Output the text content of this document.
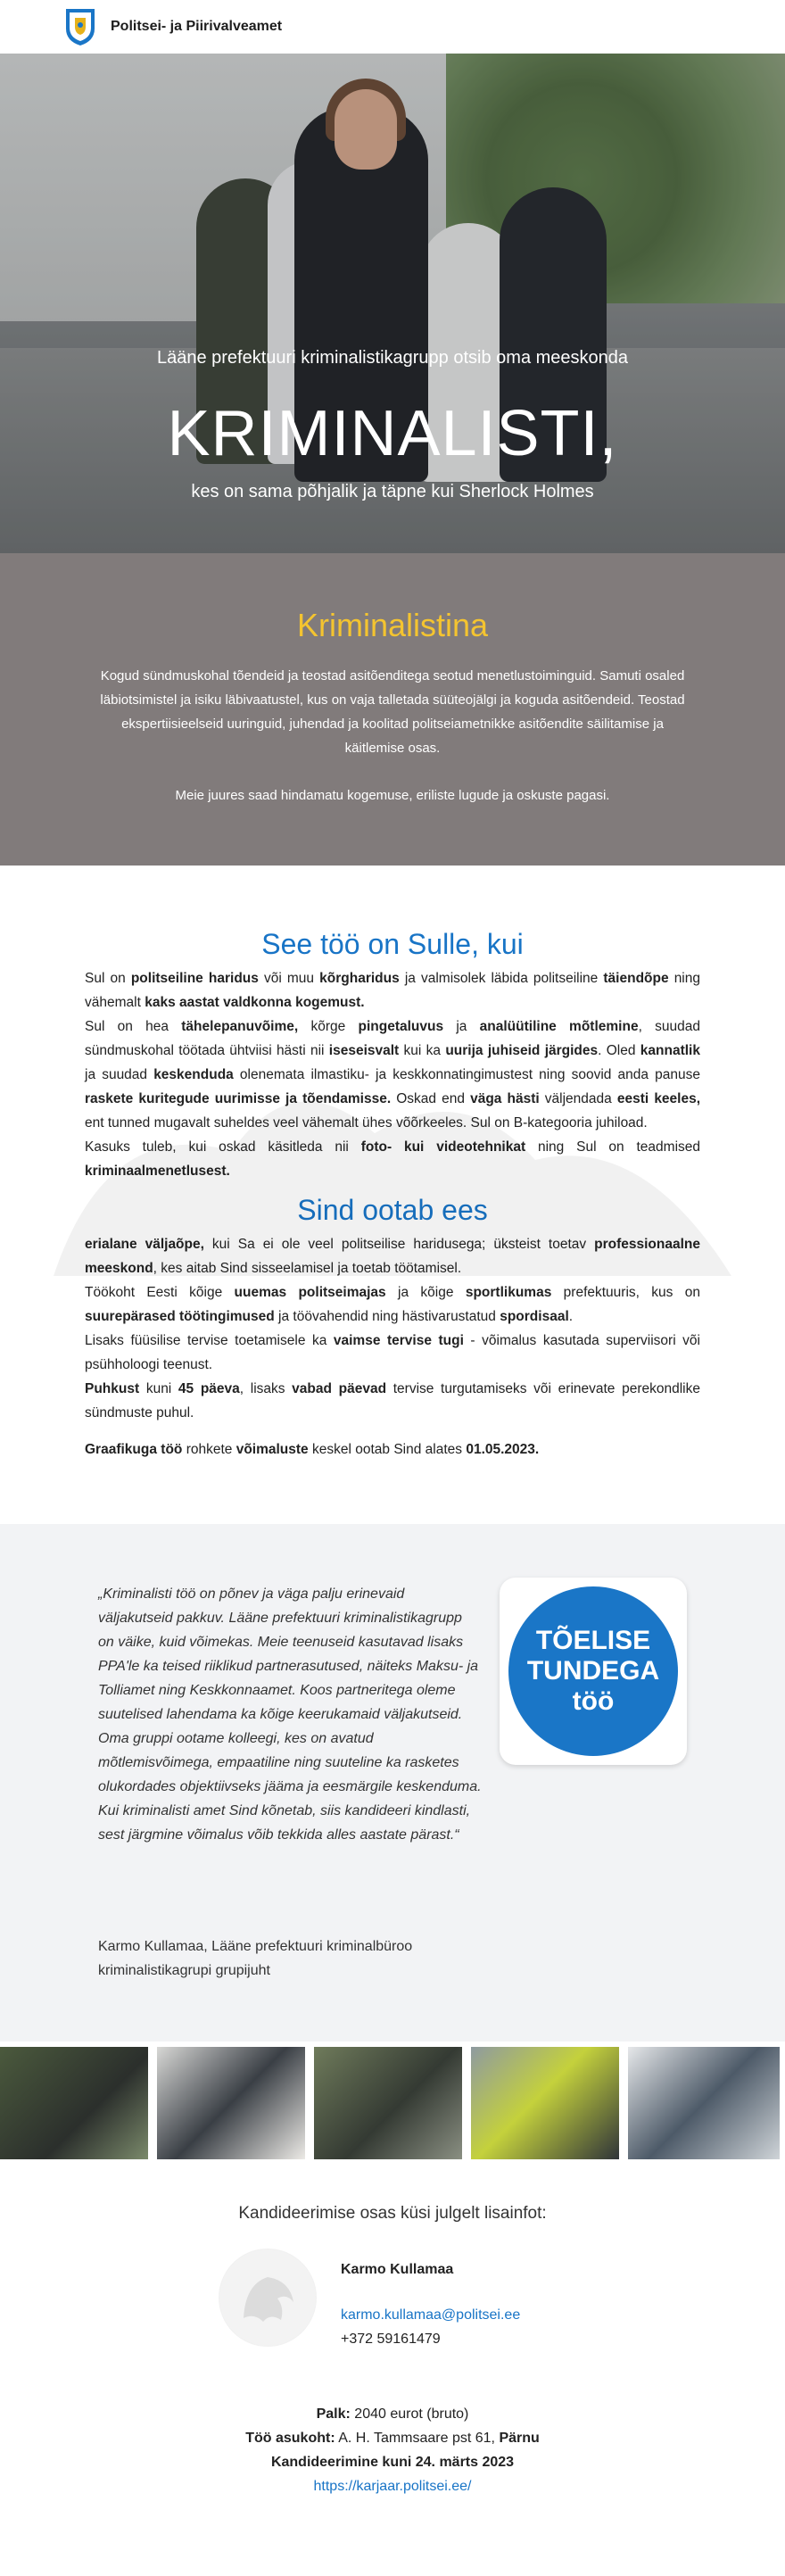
Politsei- ja Piirivalveamet
Lääne prefektuuri kriminalistikagrupp otsib oma meeskonda
KRIMINALISTI,
kes on sama põhjalik ja täpne kui Sherlock Holmes
Kriminalistina

Kogud sündmuskohal tõendeid ja teostad asitõenditega seotud menetlustoiminguid. Samuti osaled läbiotsimistel ja isiku läbivaatustel, kus on vaja talletada süüteojälgi ja koguda asitõendeid. Teostad ekspertiisieelseid uuringuid, juhendad ja koolitad politseiametnikke asitõendite säilitamise ja käitlemise osas.

Meie juures saad hindamatu kogemuse, eriliste lugude ja oskuste pagasi.

See töö on Sulle, kui
Sul on politseiline haridus või muu kõrgharidus ja valmisolek läbida politseiline täiendõpe ning vähemalt kaks aastat valdkonna kogemust.
Sul on hea tähelepanuvõime, kõrge pingetaluvus ja analüütiline mõtlemine, suudad sündmuskohal töötada ühtviisi hästi nii iseseisvalt kui ka uurija juhiseid järgides. Oled kannatlik ja suudad keskenduda olenemata ilmastiku- ja keskkonnatingimustest ning soovid anda panuse raskete kuritegude uurimisse ja tõendamisse. Oskad end väga hästi väljendada eesti keeles, ent tunned mugavalt suheldes veel vähemalt ühes võõrkeeles. Sul on B-kategooria juhiload.
Kasuks tuleb, kui oskad käsitleda nii foto- kui videotehnikat ning Sul on teadmised kriminaalmenetlusest.
Sind ootab ees
erialane väljaõpe, kui Sa ei ole veel politseilise haridusega; üksteist toetav professionaalne meeskond, kes aitab Sind sisseelamisel ja toetab töötamisel.
Töökoht Eesti kõige uuemas politseimajas ja kõige sportlikumas prefektuuris, kus on suurepärased töötingimused ja töövahendid ning hästivarustatud spordisaal.
Lisaks füüsilise tervise toetamisele ka vaimse tervise tugi - võimalus kasutada superviisori või psühholoogi teenust.
Puhkust kuni 45 päeva, lisaks vabad päevad tervise turgutamiseks või erinevate perekondlike sündmuste puhul.
Graafikuga töö rohkete võimaluste keskel ootab Sind alates 01.05.2023.
„Kriminalisti töö on põnev ja väga palju erinevaid väljakutseid pakkuv. Lääne prefektuuri kriminalistikagrupp on väike, kuid võimekas. Meie teenuseid kasutavad lisaks PPA'le ka teised riiklikud partnerasutused, näiteks Maksu- ja Tolliamet ning Keskkonnaamet. Koos partneritega oleme suutelised lahendama ka kõige keerukamaid väljakutseid.
Oma gruppi ootame kolleegi, kes on avatud mõtlemisvõimega, empaatiline ning suuteline ka rasketes olukordades objektiivseks jääma ja eesmärgile keskenduma.
Kui kriminalisti amet Sind kõnetab, siis kandideeri kindlasti, sest järgmine võimalus võib tekkida alles aastate pärast.“
Karmo Kullamaa, Lääne prefektuuri kriminalbüroo kriminalistikagrupi grupijuht
TÕELISE
TUNDEGA
töö
Kandideerimise osas küsi julgelt lisainfot:
Karmo Kullamaa
karmo.kullamaa@politsei.ee
+372 59161479
Palk: 2040 eurot (bruto)
Töö asukoht: A. H. Tammsaare pst 61, Pärnu
Kandideerimine kuni 24. märts 2023
https://karjaar.politsei.ee/
